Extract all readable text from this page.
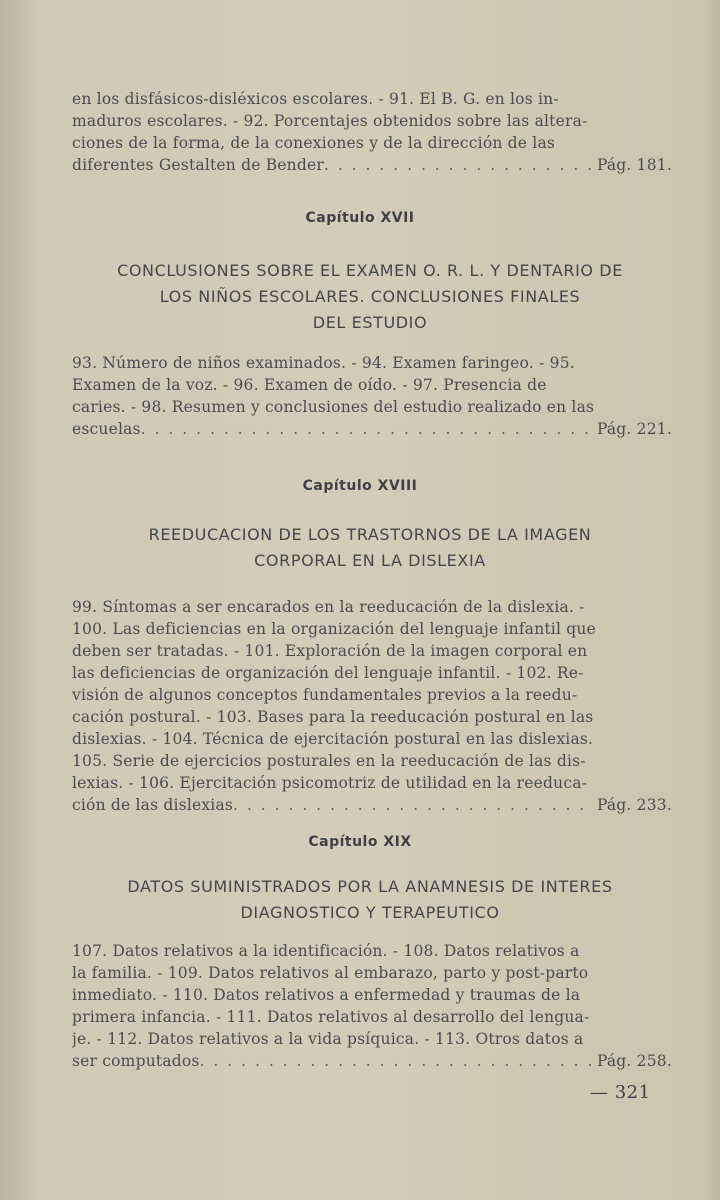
en los disfásicos-disléxicos escolares. - 91. El B. G. en los in-
maduros escolares. - 92. Porcentajes obtenidos sobre las altera-
ciones de la forma, de la conexiones y de la dirección de las
diferentes Gestalten de Bender . . .	Pág. 181.

Capítulo XVII

CONCLUSIONES SOBRE EL EXAMEN O. R. L. Y DENTARIO DE
LOS NIÑOS ESCOLARES. CONCLUSIONES FINALES
DEL ESTUDIO
93. Número de niños examinados. - 94. Examen faringeo. - 95.
Examen de la voz. - 96. Examen de oído. - 97. Presencia de
caries. - 98. Resumen y conclusiones del estudio realizado en las
escuelas . . .	Pág. 221.

Capítulo XVIII

REEDUCACION DE LOS TRASTORNOS DE LA IMAGEN
CORPORAL EN LA DISLEXIA
99. Síntomas a ser encarados en la reeducación de la dislexia. -
100. Las deficiencias en la organización del lenguaje infantil que
deben ser tratadas. - 101. Exploración de la imagen corporal en
las deficiencias de organización del lenguaje infantil. - 102. Re-
visión de algunos conceptos fundamentales previos a la reedu-
cación postural. - 103. Bases para la reeducación postural en las
dislexias. - 104. Técnica de ejercitación postural en las dislexias.
105. Serie de ejercicios posturales en la reeducación de las dis-
lexias. - 106. Ejercitación psicomotriz de utilidad en la reeduca-
ción de las dislexias . . .	Pág. 233.

Capítulo XIX

DATOS SUMINISTRADOS POR LA ANAMNESIS DE INTERES
DIAGNOSTICO Y TERAPEUTICO
107. Datos relativos a la identificación. - 108. Datos relativos a
la familia. - 109. Datos relativos al embarazo, parto y post-parto
inmediato. - 110. Datos relativos a enfermedad y traumas de la
primera infancia. - 111. Datos relativos al desarrollo del lengua-
je. - 112. Datos relativos a la vida psíquica. - 113. Otros datos a
ser computados . . .	Pág. 258.
— 321
